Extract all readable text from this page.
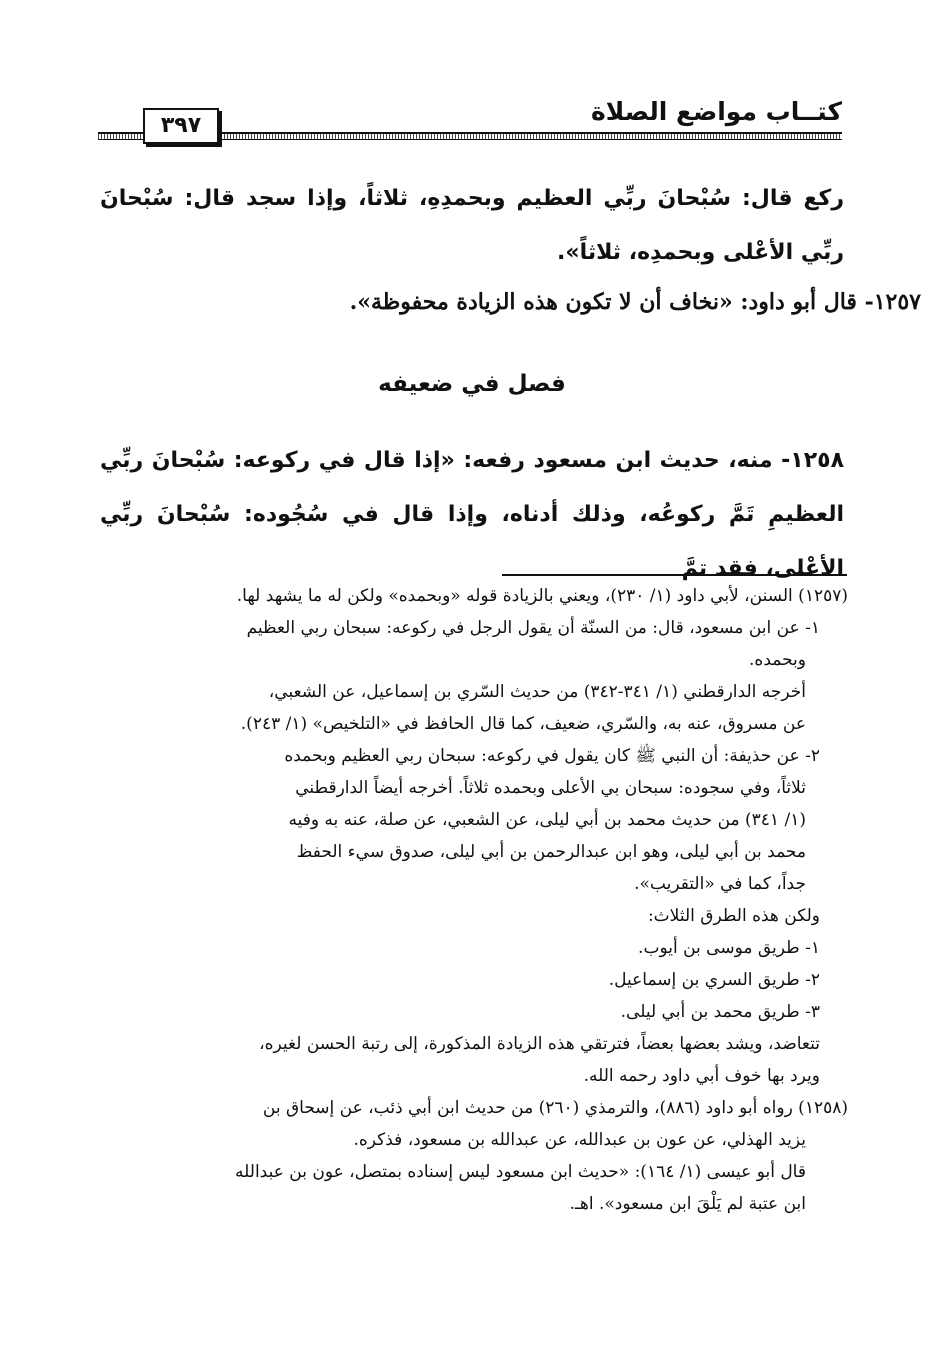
كتــاب مواضع الصلاة
٣٩٧

ركع قال: سُبْحانَ ربِّي العظيم وبحمدِهِ، ثلاثاً، وإذا سجد قال: سُبْحانَ ربِّي الأعْلى وبحمدِه، ثلاثاً».

١٢٥٧- قال أبو داود: «نخاف أن لا تكون هذه الزيادة محفوظة».
فصل في ضعيفه

١٢٥٨- منه، حديث ابن مسعود رفعه: «إذا قال في ركوعه: سُبْحانَ ربِّي العظيمِ تَمَّ ركوعُه، وذلك أدناه، وإذا قال في سُجُوده: سُبْحانَ ربِّي الأعْلى، فقد تمَّ

(١٢٥٧) السنن، لأبي داود (١/ ٢٣٠)، ويعني بالزيادة قوله «وبحمده» ولكن له ما يشهد لها.

١- عن ابن مسعود، قال: من السنّة أن يقول الرجل في ركوعه: سبحان ربي العظيم

وبحمده.

أخرجه الدارقطني (١/ ٣٤١-٣٤٢) من حديث السّري بن إسماعيل، عن الشعبي،

عن مسروق، عنه به، والسّري، ضعيف، كما قال الحافظ في «التلخيص» (١/ ٢٤٣).

٢- عن حذيفة: أن النبي ﷺ كان يقول في ركوعه: سبحان ربي العظيم وبحمده

ثلاثاً، وفي سجوده: سبحان بي الأعلى وبحمده ثلاثاً. أخرجه أيضاً الدارقطني

(١/ ٣٤١) من حديث محمد بن أبي ليلى، عن الشعبي، عن صلة، عنه به وفيه

محمد بن أبي ليلى، وهو ابن عبدالرحمن بن أبي ليلى، صدوق سيء الحفظ

جداً، كما في «التقريب».

ولكن هذه الطرق الثلاث:

١- طريق موسى بن أيوب.

٢- طريق السري بن إسماعيل.

٣- طريق محمد بن أبي ليلى.

تتعاضد، ويشد بعضها بعضاً، فترتقي هذه الزيادة المذكورة، إلى رتبة الحسن لغيره،

ويرد بها خوف أبي داود رحمه الله.

(١٢٥٨) رواه أبو داود (٨٨٦)، والترمذي (٢٦٠) من حديث ابن أبي ذئب، عن إسحاق بن

يزيد الهذلي، عن عون بن عبدالله، عن عبدالله بن مسعود، فذكره.

قال أبو عيسى (١/ ١٦٤): «حديث ابن مسعود ليس إسناده بمتصل، عون بن عبدالله

ابن عتبة لم يَلْقَ ابن مسعود». اهـ.
